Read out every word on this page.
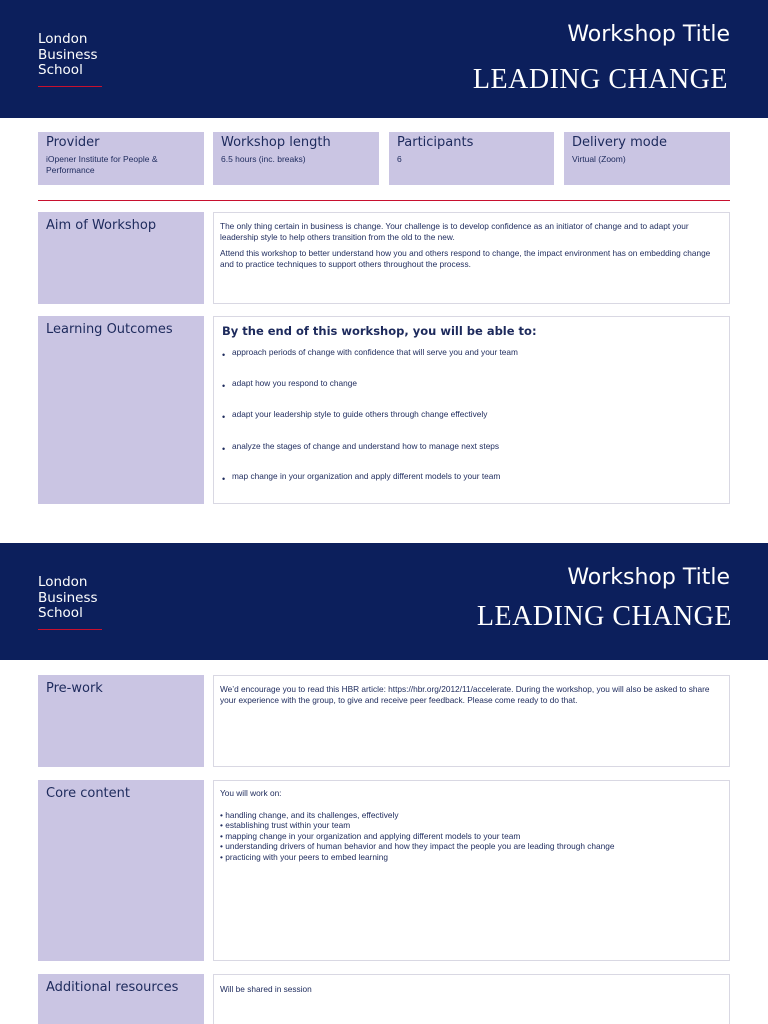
London
Business
School
Workshop Title
LEADING CHANGE
Provider
iOpener Institute for People & Performance
Workshop length
6.5 hours (inc. breaks)
Participants
6
Delivery mode
Virtual (Zoom)
Aim of Workshop	The only thing certain in business is change. Your challenge is to develop confidence as an initiator of change and to adapt your leadership style to help others transition from the old to the new.

Attend this workshop to better understand how you and others respond to change, the impact environment has on embedding change and to practice techniques to support others throughout the process.

Learning Outcomes	By the end of this workshop, you will be able to:
• approach periods of change with confidence that will serve you and your team
• adapt how you respond to change
• adapt your leadership style to guide others through change effectively
• analyze the stages of change and understand how to manage next steps
• map change in your organization and apply different models to your team
London
Business
School
Workshop Title
LEADING CHANGE
Pre-work	We’d encourage you to read this HBR article: https://hbr.org/2012/11/accelerate. During the workshop, you will also be asked to share your experience with the group, to give and receive peer feedback. Please come ready to do that.

Core content	You will work on:

• handling change, and its challenges, effectively

• establishing trust within your team

• mapping change in your organization and applying different models to your team

• understanding drivers of human behavior and how they impact the people you are leading through change

• practicing with your peers to embed learning

Additional resources	Will be shared in session
